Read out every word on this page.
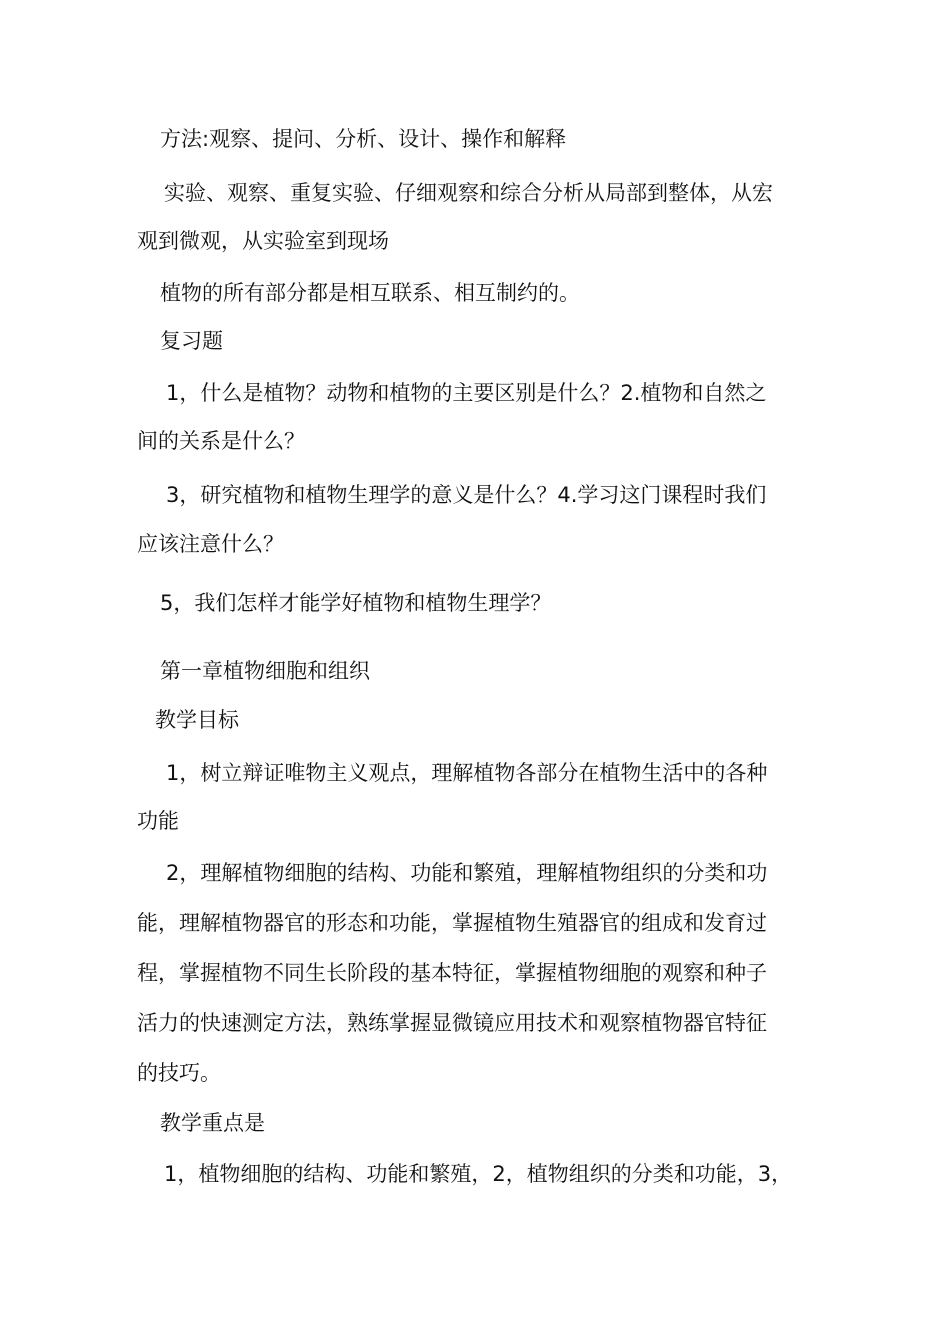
方法:观察、提问、分析、设计、操作和解释
实验、观察、重复实验、仔细观察和综合分析从局部到整体，从宏
观到微观，从实验室到现场
植物的所有部分都是相互联系、相互制约的。
复习题
1，什么是植物？动物和植物的主要区别是什么？2.植物和自然之
间的关系是什么？
3，研究植物和植物生理学的意义是什么？4.学习这门课程时我们
应该注意什么？
5，我们怎样才能学好植物和植物生理学？
第一章植物细胞和组织
教学目标
1，树立辩证唯物主义观点，理解植物各部分在植物生活中的各种
功能
2，理解植物细胞的结构、功能和繁殖，理解植物组织的分类和功
能，理解植物器官的形态和功能，掌握植物生殖器官的组成和发育过
程，掌握植物不同生长阶段的基本特征，掌握植物细胞的观察和种子
活力的快速测定方法，熟练掌握显微镜应用技术和观察植物器官特征
的技巧。
教学重点是
1，植物细胞的结构、功能和繁殖，2，植物组织的分类和功能，3，
